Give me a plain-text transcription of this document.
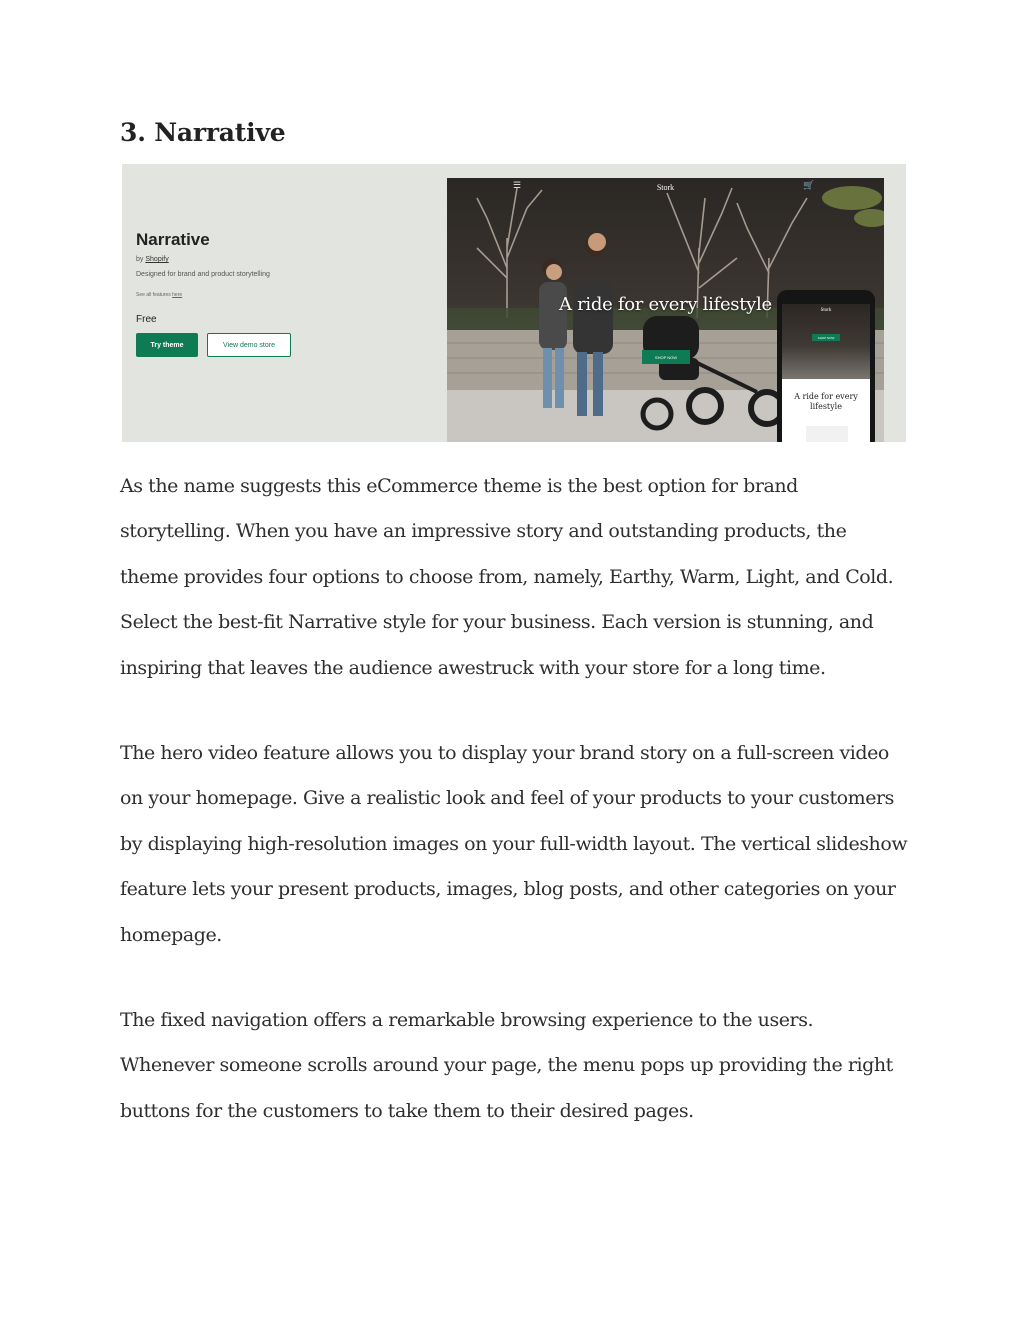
3. Narrative
Narrative
by Shopify
Designed for brand and product storytelling
See all features here
Free
Try theme	View demo store
☰	Stork	🛒
A ride for every lifestyle
SHOP NOW
Stork
SHOP NOW
A ride for every lifestyle

As the name suggests this eCommerce theme is the best option for brand storytelling. When you have an impressive story and outstanding products, the theme provides four options to choose from, namely, Earthy, Warm, Light, and Cold. Select the best-fit Narrative style for your business. Each version is stunning, and inspiring that leaves the audience awestruck with your store for a long time.

The hero video feature allows you to display your brand story on a full-screen video on your homepage. Give a realistic look and feel of your products to your customers by displaying high-resolution images on your full-width layout. The vertical slideshow feature lets your present products, images, blog posts, and other categories on your homepage.

The fixed navigation offers a remarkable browsing experience to the users. Whenever someone scrolls around your page, the menu pops up providing the right buttons for the customers to take them to their desired pages.
